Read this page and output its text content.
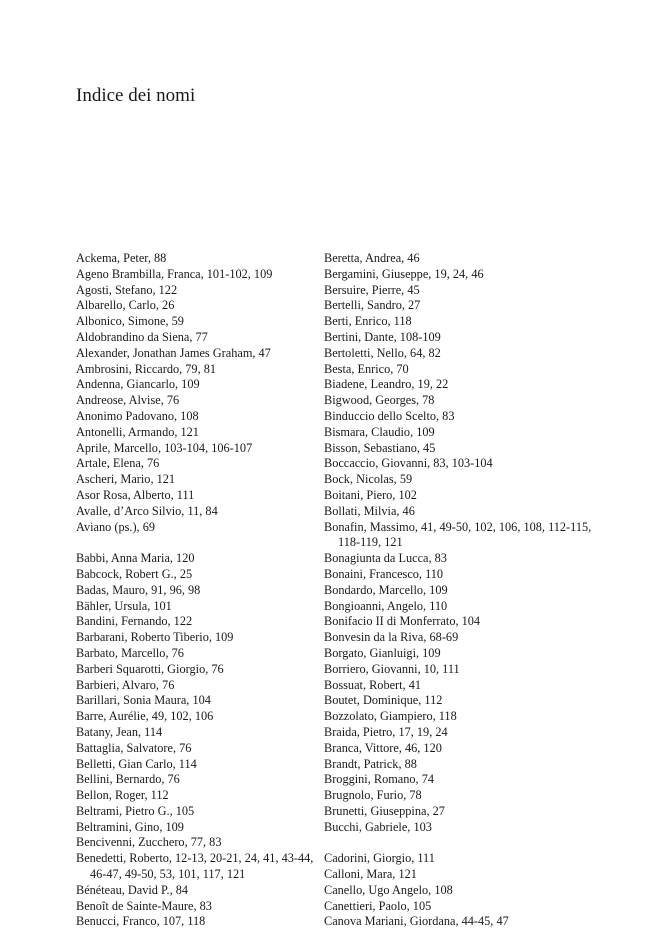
Indice dei nomi
Ackema, Peter, 88
Ageno Brambilla, Franca, 101-102, 109
Agosti, Stefano, 122
Albarello, Carlo, 26
Albonico, Simone, 59
Aldobrandino da Siena, 77
Alexander, Jonathan James Graham, 47
Ambrosini, Riccardo, 79, 81
Andenna, Giancarlo, 109
Andreose, Alvise, 76
Anonimo Padovano, 108
Antonelli, Armando, 121
Aprile, Marcello, 103-104, 106-107
Artale, Elena, 76
Ascheri, Mario, 121
Asor Rosa, Alberto, 111
Avalle, d’Arco Silvio, 11, 84
Aviano (ps.), 69
Babbi, Anna Maria, 120
Babcock, Robert G., 25
Badas, Mauro, 91, 96, 98
Bähler, Ursula, 101
Bandini, Fernando, 122
Barbarani, Roberto Tiberio, 109
Barbato, Marcello, 76
Barberi Squarotti, Giorgio, 76
Barbieri, Alvaro, 76
Barillari, Sonia Maura, 104
Barre, Aurélie, 49, 102, 106
Batany, Jean, 114
Battaglia, Salvatore, 76
Belletti, Gian Carlo, 114
Bellini, Bernardo, 76
Bellon, Roger, 112
Beltrami, Pietro G., 105
Beltramini, Gino, 109
Bencivenni, Zucchero, 77, 83
Benedetti, Roberto, 12-13, 20-21, 24, 41, 43-44, 46-47, 49-50, 53, 101, 117, 121
Bénéteau, David P., 84
Benoît de Sainte-Maure, 83
Benucci, Franco, 107, 118
Beretta, Andrea, 46
Bergamini, Giuseppe, 19, 24, 46
Bersuire, Pierre, 45
Bertelli, Sandro, 27
Berti, Enrico, 118
Bertini, Dante, 108-109
Bertoletti, Nello, 64, 82
Besta, Enrico, 70
Biadene, Leandro, 19, 22
Bigwood, Georges, 78
Binduccio dello Scelto, 83
Bismara, Claudio, 109
Bisson, Sebastiano, 45
Boccaccio, Giovanni, 83, 103-104
Bock, Nicolas, 59
Boitani, Piero, 102
Bollati, Milvia, 46
Bonafin, Massimo, 41, 49-50, 102, 106, 108, 112-115, 118-119, 121
Bonagiunta da Lucca, 83
Bonaini, Francesco, 110
Bondardo, Marcello, 109
Bongioanni, Angelo, 110
Bonifacio II di Monferrato, 104
Bonvesin da la Riva, 68-69
Borgato, Gianluigi, 109
Borriero, Giovanni, 10, 111
Bossuat, Robert, 41
Boutet, Dominique, 112
Bozzolato, Giampiero, 118
Braida, Pietro, 17, 19, 24
Branca, Vittore, 46, 120
Brandt, Patrick, 88
Broggini, Romano, 74
Brugnolo, Furio, 78
Brunetti, Giuseppina, 27
Bucchi, Gabriele, 103
Cadorini, Giorgio, 111
Calloni, Mara, 121
Canello, Ugo Angelo, 108
Canettieri, Paolo, 105
Canova Mariani, Giordana, 44-45, 47
